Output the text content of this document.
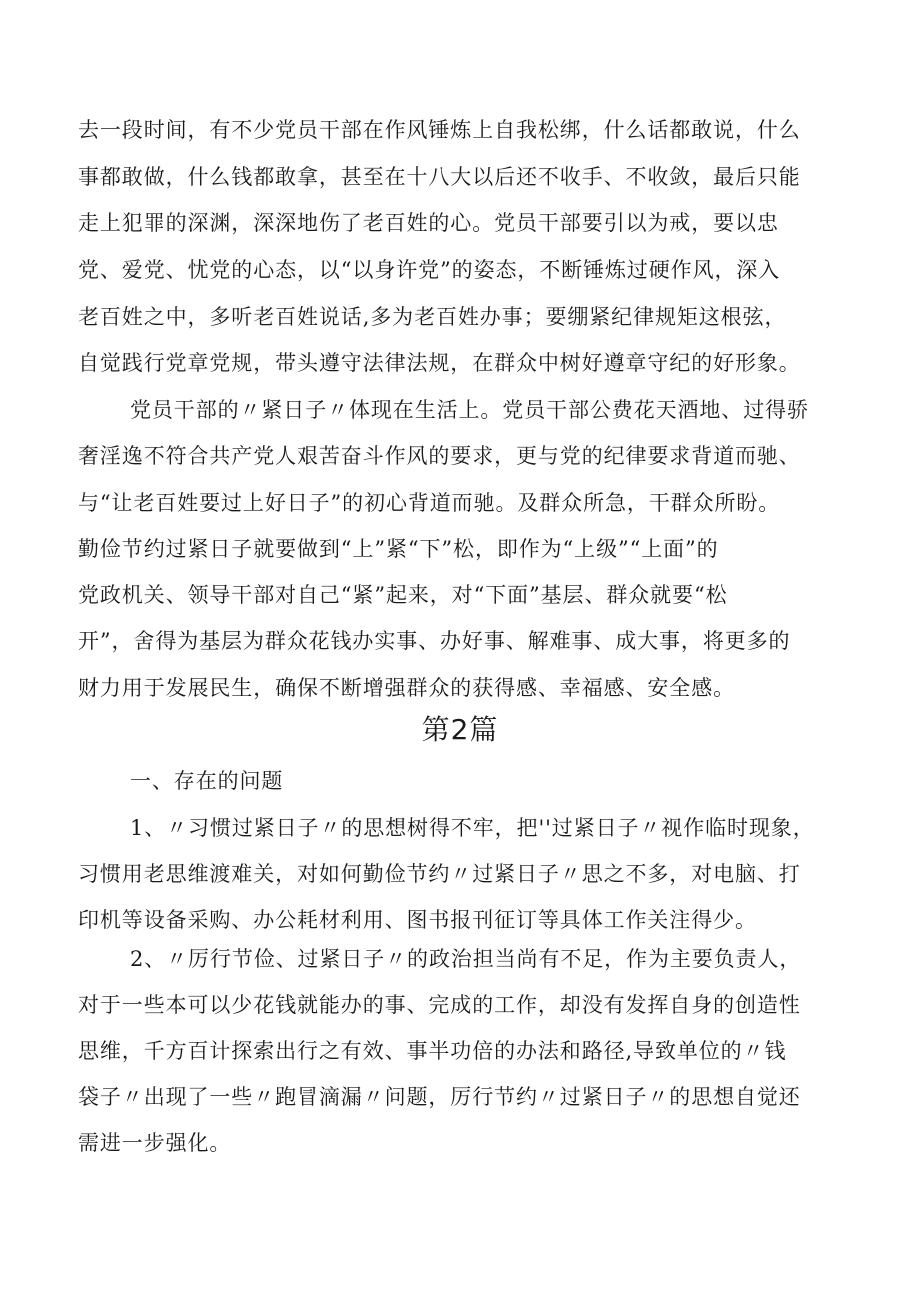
去一段时间，有不少党员干部在作风锤炼上自我松绑，什么话都敢说，什么
事都敢做，什么钱都敢拿，甚至在十八大以后还不收手、不收敛，最后只能
走上犯罪的深渊，深深地伤了老百姓的心。党员干部要引以为戒，要以忠
党、爱党、忧党的心态，以“以身许党”的姿态，不断锤炼过硬作风，深入
老百姓之中，多听老百姓说话,多为老百姓办事；要绷紧纪律规矩这根弦，
自觉践行党章党规，带头遵守法律法规，在群众中树好遵章守纪的好形象。
党员干部的〃紧日子〃体现在生活上。党员干部公费花天酒地、过得骄
奢淫逸不符合共产党人艰苦奋斗作风的要求，更与党的纪律要求背道而驰、
与“让老百姓要过上好日子”的初心背道而驰。及群众所急，干群众所盼。
勤俭节约过紧日子就要做到“上”紧“下”松，即作为“上级”“上面”的
党政机关、领导干部对自己“紧”起来，对“下面”基层、群众就要“松
开”，舍得为基层为群众花钱办实事、办好事、解难事、成大事，将更多的
财力用于发展民生，确保不断增强群众的获得感、幸福感、安全感。
第2篇
一、存在的问题
1、〃习惯过紧日子〃的思想树得不牢，把''过紧日子〃视作临时现象，
习惯用老思维渡难关，对如何勤俭节约〃过紧日子〃思之不多，对电脑、打
印机等设备采购、办公耗材利用、图书报刊征订等具体工作关注得少。
2、〃厉行节俭、过紧日子〃的政治担当尚有不足，作为主要负责人，
对于一些本可以少花钱就能办的事、完成的工作，却没有发挥自身的创造性
思维，千方百计探索出行之有效、事半功倍的办法和路径,导致单位的〃钱
袋子〃出现了一些〃跑冒滴漏〃问题，厉行节约〃过紧日子〃的思想自觉还
需进一步强化。
